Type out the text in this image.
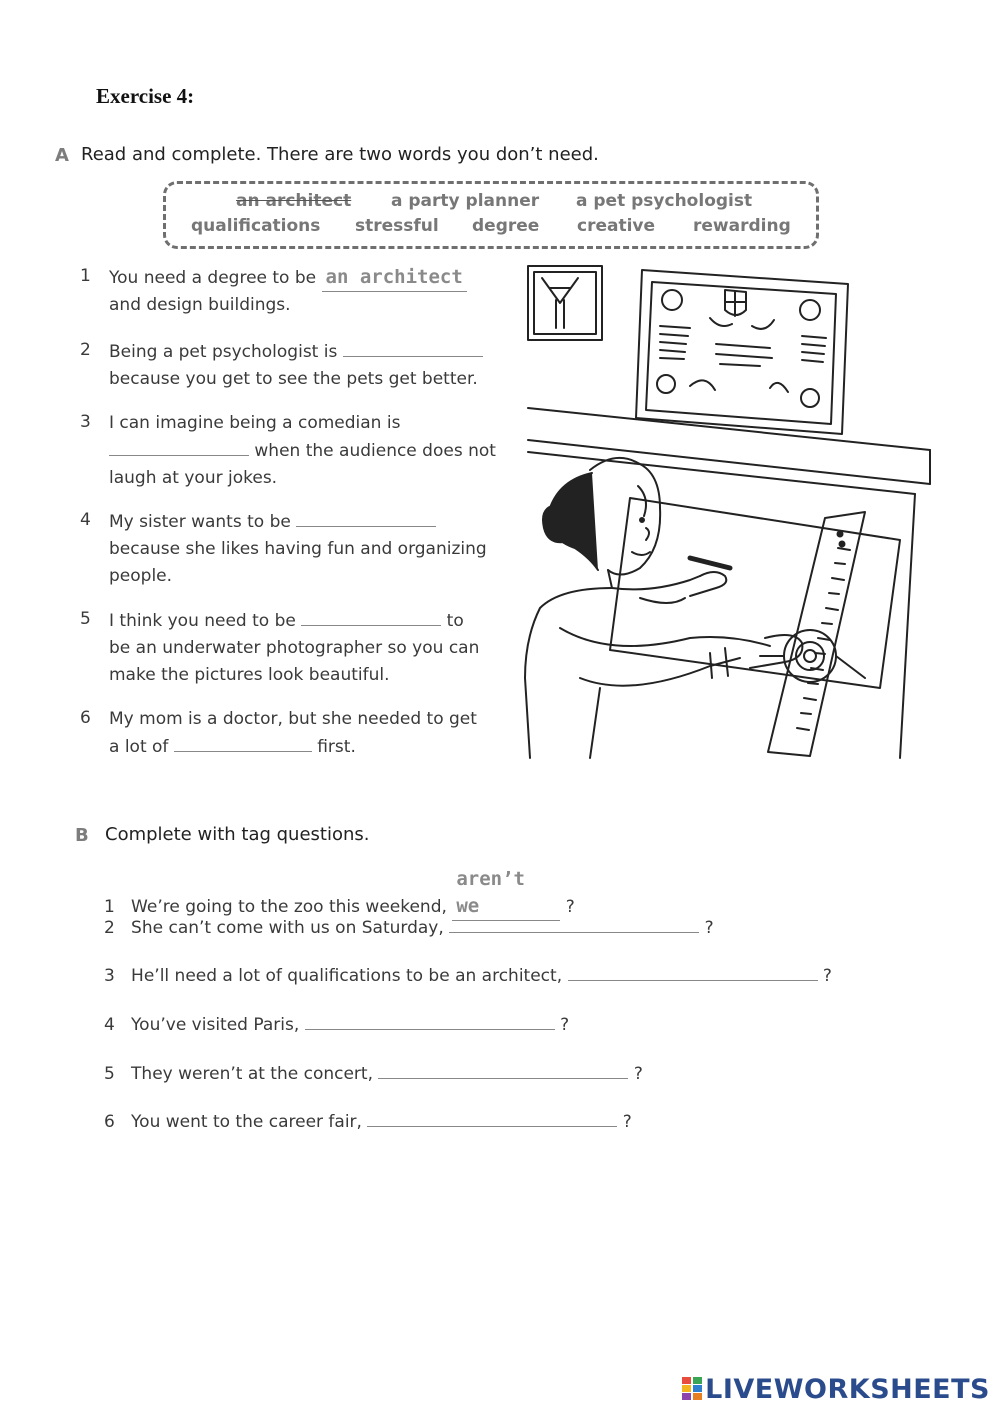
Exercise 4:
A Read and complete. There are two words you don’t need.
an architect a party planner a pet psychologist
qualifications stressful degree creative rewarding
1 You need a degree to be an architect
and design buildings.
2 Being a pet psychologist is
because you get to see the pets get better.
3 I can imagine being a comedian is
when the audience does not
laugh at your jokes.
4 My sister wants to be
because she likes having fun and organizing
people.
5 I think you need to be	to
be an underwater photographer so you can
make the pictures look beautiful.
6 My mom is a doctor, but she needed to get
a lot of	first.
B Complete with tag questions.
1 We’re going to the zoo this weekend, aren’t we	?
2 She can’t come with us on Saturday,	?
3 He’ll need a lot of qualifications to be an architect,	?
4 You’ve visited Paris,	?
5 They weren’t at the concert,	?
6 You went to the career fair,	?
LIVEWORKSHEETS
